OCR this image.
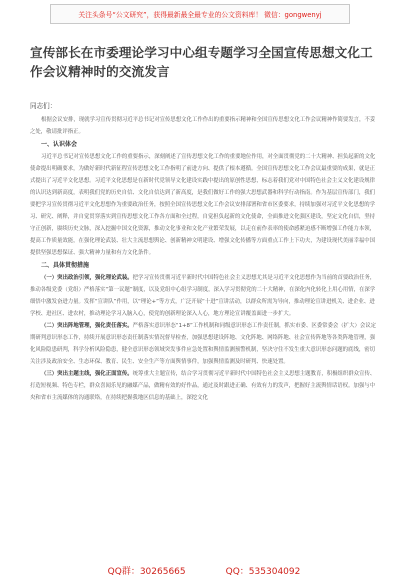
关注头条号“公文研究”，获得最新最全最专业的公文资料库！ 微信：gongwenyj
宣传部长在市委理论学习中心组专题学习全国宣传思想文化工作会议精神时的交流发言
同志们：

根据会议安排，现就学习宣传贯彻习近平总书记对宣传思想文化工作作出的重要指示精神和全国宣传思想文化工作会议精神作简要发言，不妥之处，敬请批评指正。

一、认识体会

习近平总书记对宣传思想文化工作的重要指示，深刻阐述了宣传思想文化工作的重要地位作用，对全面贯彻党的二十大精神、担负起新的文化使命提出明确要求，为做好新时代新征程宣传思想文化工作指明了前进方向、提供了根本遵循。全国宣传思想文化工作会议最重要的成果，就是正式提出了习近平文化思想。习近平文化思想是在新时代党领导文化建设实践中提出的原创性思想，标志着我们党对中国特色社会主义文化建设规律的认识达到新高度，表明我们党的历史自信、文化自信达到了新高度，是我们做好工作的强大思想武器和科学行动指南。作为基层宣传部门，我们要把学习宣传贯彻习近平文化思想作为重要政治任务，按照全国宣传思想文化工作会议安排部署和省市区委要求，持续加强对习近平文化思想的学习、研究、阐释，并自觉贯穿落实到宣传思想文化工作各方面和全过程，自觉担负起新的文化使命，全面推进文化强区建设，坚定文化自信，坚持守正创新，赓续历史文脉，深入挖掘中国文化资源，推动文化事业和文化产业繁荣发展，以走在前作表率的使命感紧迫感不断增强工作能力本领，提高工作质量效能，在强化理论武装、壮大主流思想舆论、创新精神文明建设、增强文化传播等方面重点工作上下功夫，为建设现代美丽幸福中国提供坚强思想保证、强大精神力量和有力文化条件。

二、具体贯彻措施

（一）突出政治引领，强化理论武装。把学习宣传贯彻习近平新时代中国特色社会主义思想尤其是习近平文化思想作为当前的首要政治任务，推动各级党委（党组）严格落实“第一议题”制度，以及党组中心组学习制度，深入学习贯彻党的二十大精神，在深化内化转化上用心用情，在深学细悟中激发奋进力量。发挥“宣讲队”作用，以“理论+”等方式，广泛开展“十进”宣讲活动，以群众所需为导向，推动理论宣讲进机关、进企业、进学校、进社区、进农村，推动理论学习入脑入心，使党的创新理论深入人心，地方理论宣讲覆盖面进一步扩大。

（二）突出阵地管理，强化责任落实。严格落实意识形态“1+8”工作机制和同级意识形态工作责任制，抓实市委、区委常委会（扩大）会议定期研判意识形态工作，持续开展意识形态责任制落实情况督导检查，加强思想建设阵地、文化阵地、网络阵地、社会宣传阵地等各类阵地管理，强化风险隐患研判，科学分析风险隐患，健全意识形态领域突发事件应急处置和舆情监测预警机制，坚决守住不发生重大意识形态问题的底线，密切关注涉及政治安全、生态环保、教育、民生、安全生产等方面舆情事件，加强舆情监测及时研判、快速处置。

（三）突出主题主线，强化正面宣传。统筹重大主题宣传，结合学习贯彻习近平新时代中国特色社会主义思想主题教育，积极组织群众宣传、打造短视频、特色专栏，群众喜闻乐见的融媒产品，做精有效的好作品，通过及时跟进正确、有效有力的发声，把握好主流舆情话语权。加强与中央和省市主流媒体的沟通联络，在持续把握我地区信息的基础上，深挖文化

QQ群：30265665	QQ：535304092
